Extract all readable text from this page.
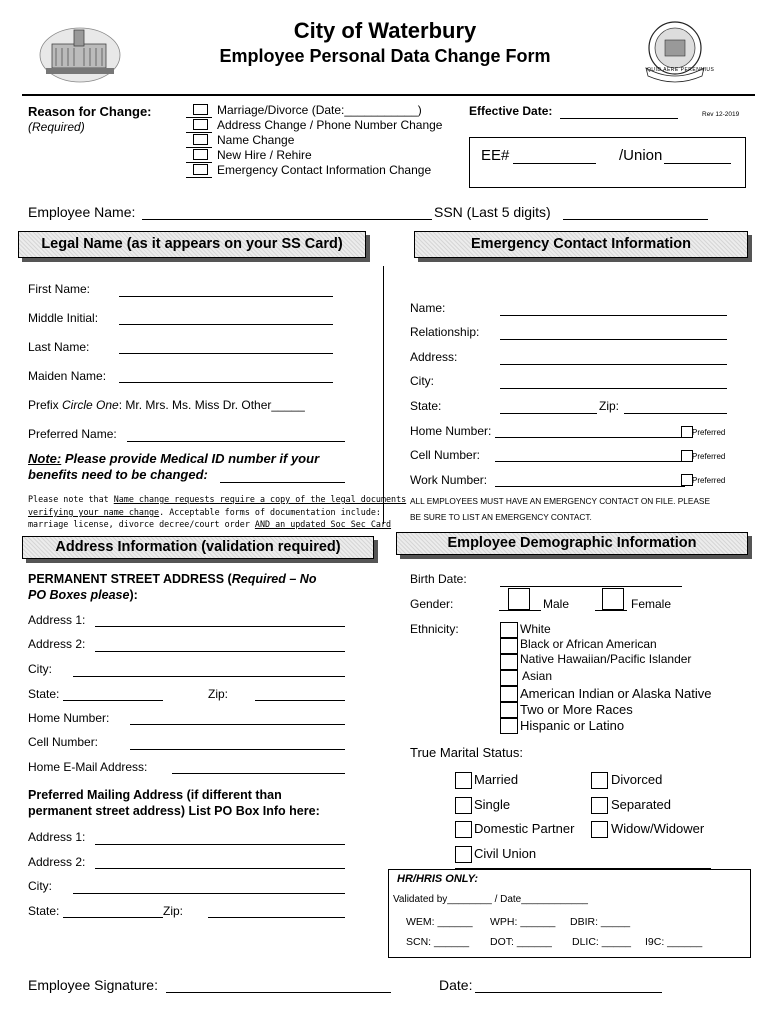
City of Waterbury
Employee Personal Data Change Form
QUID AERE PERENNIUS
Reason for Change:
(Required)
Marriage/Divorce (Date:___________)
Address Change / Phone Number Change
Name Change
New Hire / Rehire
Emergency Contact Information Change
Effective Date:	Rev 12-2019
EE#	/Union
Employee Name:	SSN (Last 5 digits)
Legal Name (as it appears on your SS Card)	Emergency Contact Information
First Name:
Middle Initial:
Last Name:
Maiden Name:
Prefix Circle One: Mr. Mrs. Ms. Miss Dr. Other_____
Preferred Name:
Note: Please provide Medical ID number if your
benefits need to be changed:
Please note that Name change requests require a copy of the legal documents
verifying your name change. Acceptable forms of documentation include:
marriage license, divorce decree/court order AND an updated Soc Sec Card
Name:
Relationship:
Address:
City:
State:	Zip:
Home Number:	Preferred
Cell Number:	Preferred
Work Number:	Preferred
ALL EMPLOYEES MUST HAVE AN EMERGENCY CONTACT ON FILE. PLEASE
BE SURE TO LIST AN EMERGENCY CONTACT.
Address Information (validation required)	Employee Demographic Information
PERMANENT STREET ADDRESS (Required – No
PO Boxes please):
Address 1:
Address 2:
City:
State:	Zip:
Home Number:
Cell Number:
Home E-Mail Address:
Preferred Mailing Address (if different than
permanent street address) List PO Box Info here:
Address 1:
Address 2:
City:
State:	Zip:
Birth Date:
Gender:	Male	Female
Ethnicity:	White
Black or African American
Native Hawaiian/Pacific Islander
Asian
American Indian or Alaska Native
Two or More Races
Hispanic or Latino
True Marital Status:
Married	Divorced
Single	Separated
Domestic Partner	Widow/Widower
Civil Union
HR/HRIS ONLY:
Validated by________ / Date____________
WEM: ______ WPH: ______ DBIR: _____
SCN: ______ DOT: ______ DLIC: _____ I9C: ______
Employee Signature:	Date:
